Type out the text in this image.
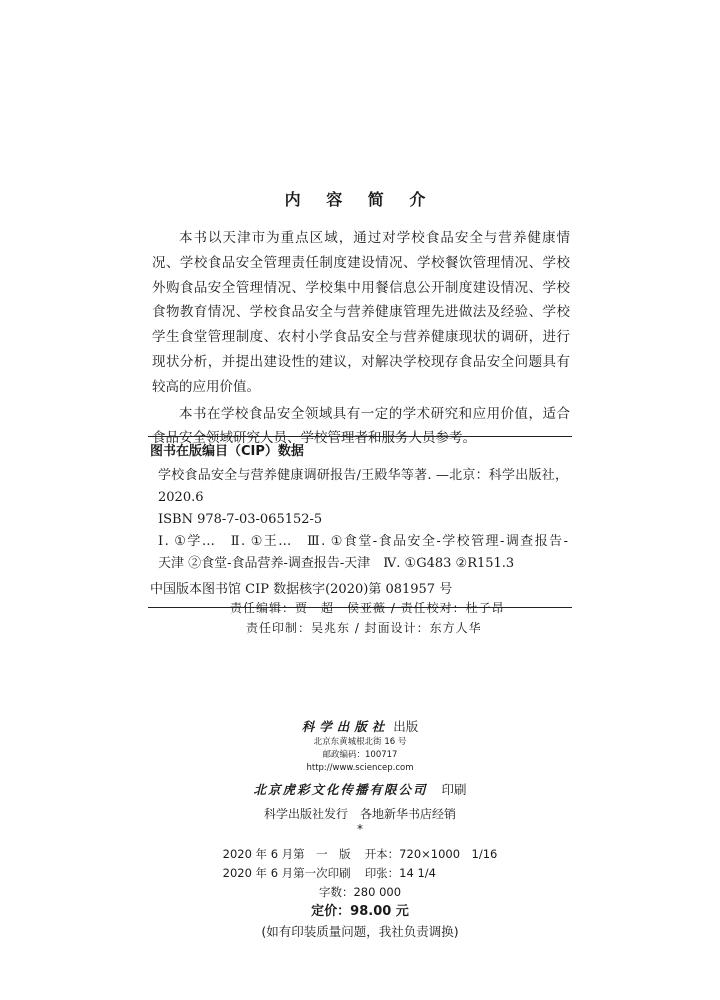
内 容 简 介

本书以天津市为重点区域，通过对学校食品安全与营养健康情况、学校食品安全管理责任制度建设情况、学校餐饮管理情况、学校外购食品安全管理情况、学校集中用餐信息公开制度建设情况、学校食物教育情况、学校食品安全与营养健康管理先进做法及经验、学校学生食堂管理制度、农村小学食品安全与营养健康现状的调研，进行现状分析，并提出建设性的建议，对解决学校现存食品安全问题具有较高的应用价值。

本书在学校食品安全领域具有一定的学术研究和应用价值，适合食品安全领域研究人员、学校管理者和服务人员参考。

图书在版编目（CIP）数据
学校食品安全与营养健康调研报告/王殿华等著. —北京：科学出版社，
2020.6
ISBN 978-7-03-065152-5
Ⅰ. ①学…　Ⅱ. ①王…　Ⅲ. ①食堂-食品安全-学校管理-调查报告-
天津 ②食堂-食品营养-调查报告-天津　Ⅳ. ①G483 ②R151.3
中国版本图书馆 CIP 数据核字(2020)第 081957 号
责任编辑：贾　超　侯亚薇 / 责任校对：杜子昂
责任印制：吴兆东 / 封面设计：东方人华
科学出版社 出版
北京东黄城根北街 16 号
邮政编码：100717
http://www.sciencep.com
北京虎彩文化传播有限公司 印刷
科学出版社发行　各地新华书店经销
*
2020 年 6 月第　一　版	开本：720×1000　1/16
2020 年 6 月第一次印刷	印张：14 1/4
字数：280 000
定价：98.00 元
(如有印装质量问题，我社负责调换)
